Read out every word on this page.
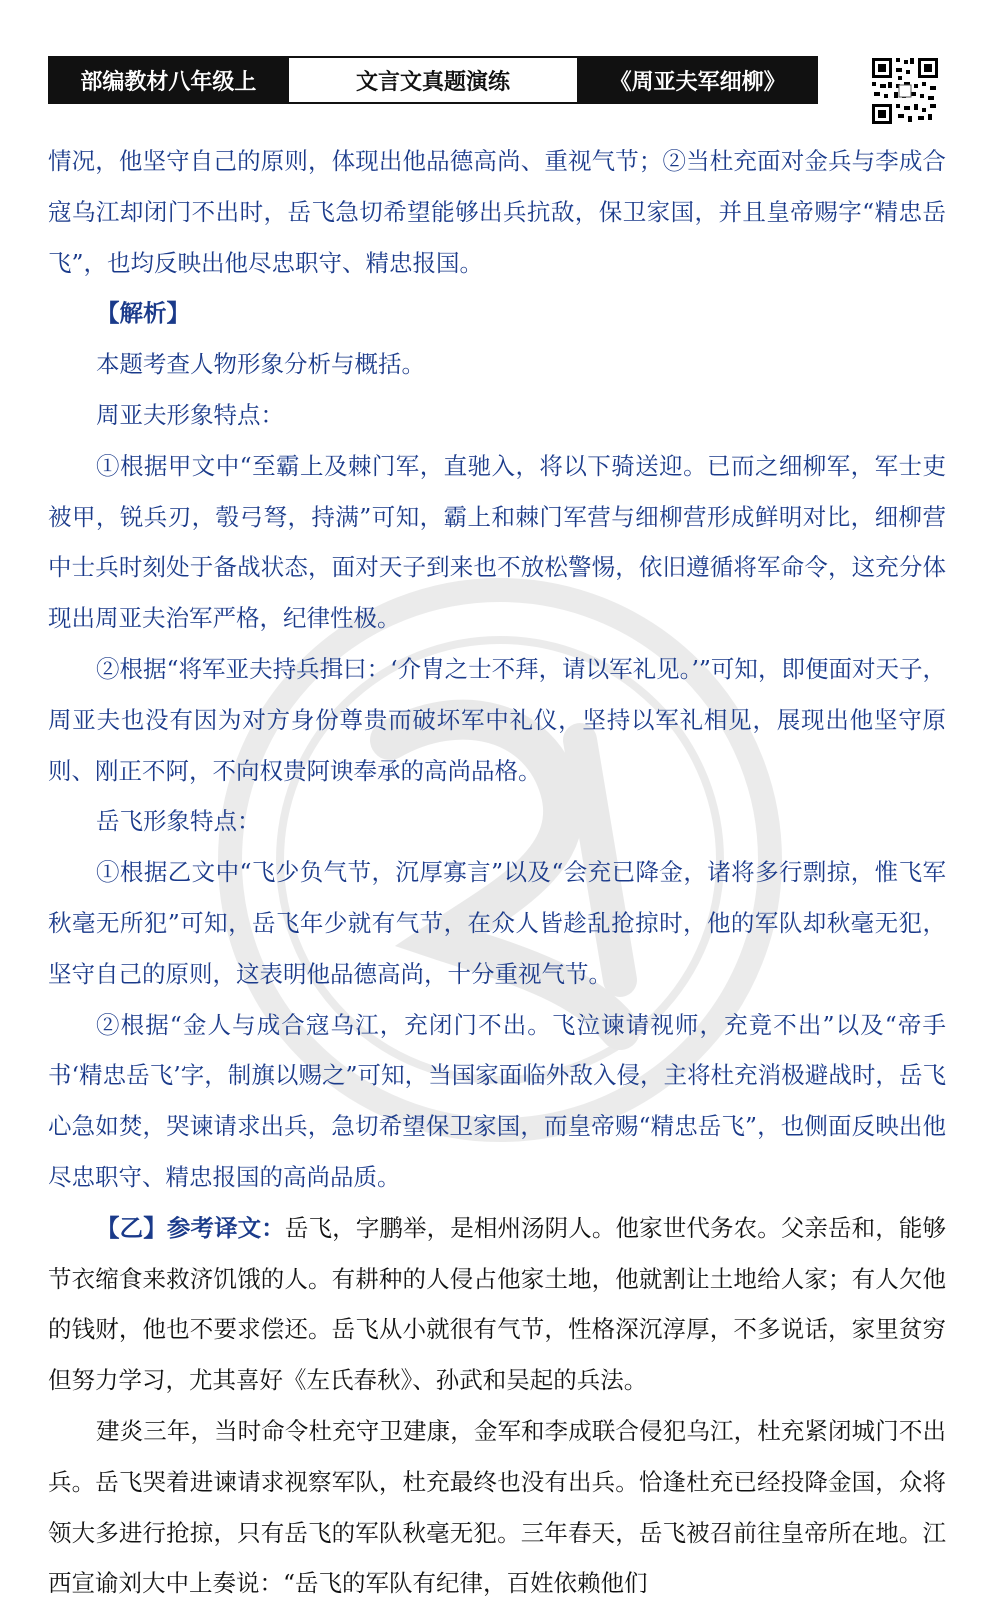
部编教材八年级上	文言文真题演练	《周亚夫军细柳》

情况，他坚守自己的原则，体现出他品德高尚、重视气节；②当杜充面对金兵与李成合寇乌江却闭门不出时，岳飞急切希望能够出兵抗敌，保卫家国，并且皇帝赐字“精忠岳飞”，也均反映出他尽忠职守、精忠报国。

【解析】

本题考查人物形象分析与概括。

周亚夫形象特点：

①根据甲文中“至霸上及棘门军，直驰入，将以下骑送迎。已而之细柳军，军士吏被甲，锐兵刃，彀弓弩，持满”可知，霸上和棘门军营与细柳营形成鲜明对比，细柳营中士兵时刻处于备战状态，面对天子到来也不放松警惕，依旧遵循将军命令，这充分体现出周亚夫治军严格，纪律性极。

②根据“将军亚夫持兵揖曰：‘介胄之士不拜，请以军礼见。’”可知，即便面对天子，周亚夫也没有因为对方身份尊贵而破坏军中礼仪，坚持以军礼相见，展现出他坚守原则、刚正不阿，不向权贵阿谀奉承的高尚品格。

岳飞形象特点：

①根据乙文中“飞少负气节，沉厚寡言”以及“会充已降金，诸将多行剽掠，惟飞军秋毫无所犯”可知，岳飞年少就有气节，在众人皆趁乱抢掠时，他的军队却秋毫无犯，坚守自己的原则，这表明他品德高尚，十分重视气节。

②根据“金人与成合寇乌江，充闭门不出。飞泣谏请视师，充竟不出”以及“帝手书‘精忠岳飞’字，制旗以赐之”可知，当国家面临外敌入侵，主将杜充消极避战时，岳飞心急如焚，哭谏请求出兵，急切希望保卫家国，而皇帝赐“精忠岳飞”，也侧面反映出他尽忠职守、精忠报国的高尚品质。

【乙】参考译文：岳飞，字鹏举，是相州汤阴人。他家世代务农。父亲岳和，能够节衣缩食来救济饥饿的人。有耕种的人侵占他家土地，他就割让土地给人家；有人欠他的钱财，他也不要求偿还。岳飞从小就很有气节，性格深沉淳厚，不多说话，家里贫穷但努力学习，尤其喜好《左氏春秋》、孙武和吴起的兵法。

建炎三年，当时命令杜充守卫建康，金军和李成联合侵犯乌江，杜充紧闭城门不出兵。岳飞哭着进谏请求视察军队，杜充最终也没有出兵。恰逢杜充已经投降金国，众将领大多进行抢掠，只有岳飞的军队秋毫无犯。三年春天，岳飞被召前往皇帝所在地。江西宣谕刘大中上奏说：“岳飞的军队有纪律，百姓依赖他们
